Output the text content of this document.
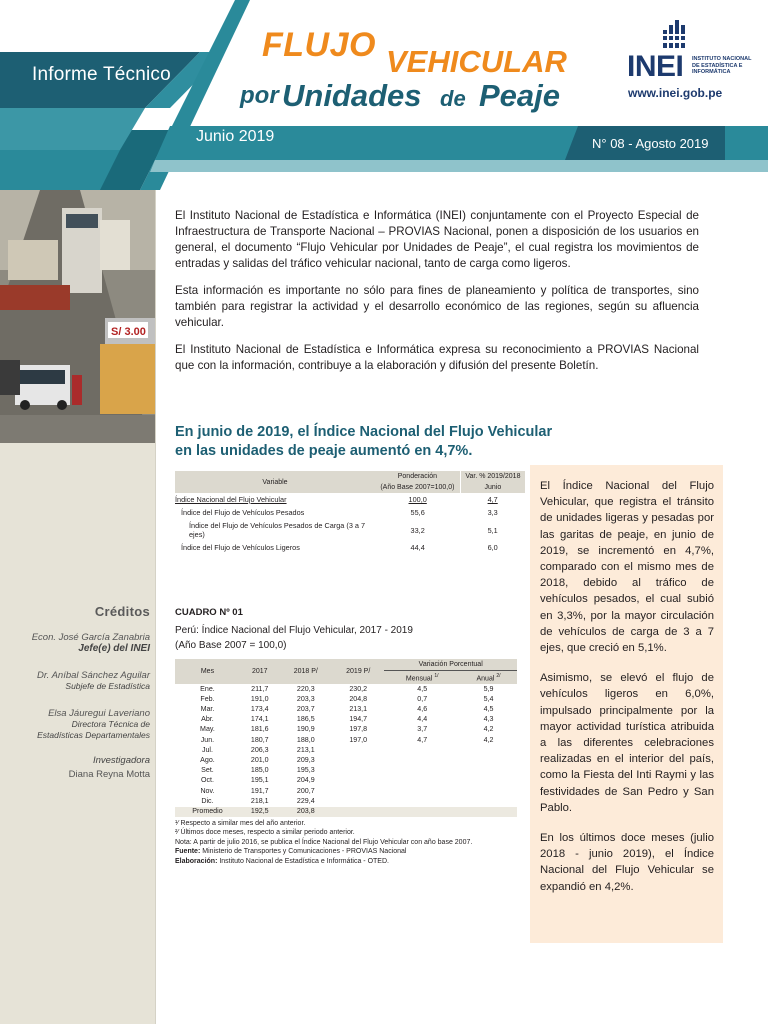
Informe Técnico
FLUJO VEHICULAR
por Unidades de Peaje
Junio 2019	N° 08 - Agosto 2019
INEI INSTITUTO NACIONAL DE ESTADÍSTICA E INFORMÁTICA
www.inei.gob.pe
S/ 3.00
Créditos
Econ. José García Zanabria
Jefe(e) del INEI
Dr. Aníbal Sánchez Aguilar
Subjefe de Estadística
Elsa Jáuregui Laveriano
Directora Técnica de
Estadísticas Departamentales
Investigadora
Diana Reyna Motta

El Instituto Nacional de Estadística e Informática (INEI) conjuntamente con el Proyecto Especial de Infraestructura de Transporte Nacional – PROVIAS Nacional, ponen a disposición de los usuarios en general, el documento “Flujo Vehicular por Unidades de Peaje”, el cual registra los movimientos de entradas y salidas del tráfico vehicular nacional, tanto de carga como ligeros.

Esta información es importante no sólo para fines de planeamiento y política de transportes, sino también para registrar la actividad y el desarrollo económico de las regiones, según su afluencia vehicular.

El Instituto Nacional de Estadística e Informática expresa su reconocimiento a PROVIAS Nacional que con la información, contribuye a la elaboración y difusión del presente Boletín.

En junio de 2019, el Índice Nacional del Flujo Vehicular
en las unidades de peaje aumentó en 4,7%.
Variable	Ponderación	Var. % 2019/2018
	(Año Base 2007=100,0)	Junio
Índice Nacional del Flujo Vehicular	100,0	4,7
Índice del Flujo de Vehículos Pesados	55,6	3,3
Índice del Flujo de Vehículos Pesados de Carga (3 a 7 ejes)	33,2	5,1
Índice del Flujo de Vehículos Ligeros	44,4	6,0
CUADRO Nº 01
Perú: Índice Nacional del Flujo Vehicular, 2017 - 2019
(Año Base 2007 = 100,0)
Mes	2017	2018 P/	2019 P/	Variación Porcentual	
				Mensual $^{1/}$	Anual $^{2/}$
Ene.	211,7	220,3	230,2	4,5	5,9
Feb.	191,0	203,3	204,8	0,7	5,4
Mar.	173,4	203,7	213,1	4,6	4,5
Abr.	174,1	186,5	194,7	4,4	4,3
May.	181,6	190,9	197,8	3,7	4,2
Jun.	180,7	188,0	197,0	4,7	4,2
Jul.	206,3	213,1			
Ago.	201,0	209,3			
Set.	185,0	195,3			
Oct.	195,1	204,9			
Nov.	191,7	200,7			
Dic.	218,1	229,4			
Promedio	192,5	203,8			
¹⁄ Respecto a similar mes del año anterior.
²⁄ Últimos doce meses, respecto a similar periodo anterior.
Nota: A partir de julio 2016, se publica el Índice Nacional del Flujo Vehicular con año base 2007.
Fuente: Ministerio de Transportes y Comunicaciones - PROVIAS Nacional
Elaboración: Instituto Nacional de Estadística e Informática - OTED.

El Índice Nacional del Flujo Vehicular, que registra el tránsito de unidades ligeras y pesadas por las garitas de peaje, en junio de 2019, se incrementó en 4,7%, comparado con el mismo mes de 2018, debido al tráfico de vehículos pesados, el cual subió en 3,3%, por la mayor circulación de vehículos de carga de 3 a 7 ejes, que creció en 5,1%.

Asimismo, se elevó el flujo de vehículos ligeros en 6,0%, impulsado principalmente por la mayor actividad turística atribuida a las diferentes celebraciones realizadas en el interior del país, como la Fiesta del Inti Raymi y las festividades de San Pedro y San Pablo.

En los últimos doce meses (julio 2018 - junio 2019), el Índice Nacional del Flujo Vehicular se expandió en 4,2%.
